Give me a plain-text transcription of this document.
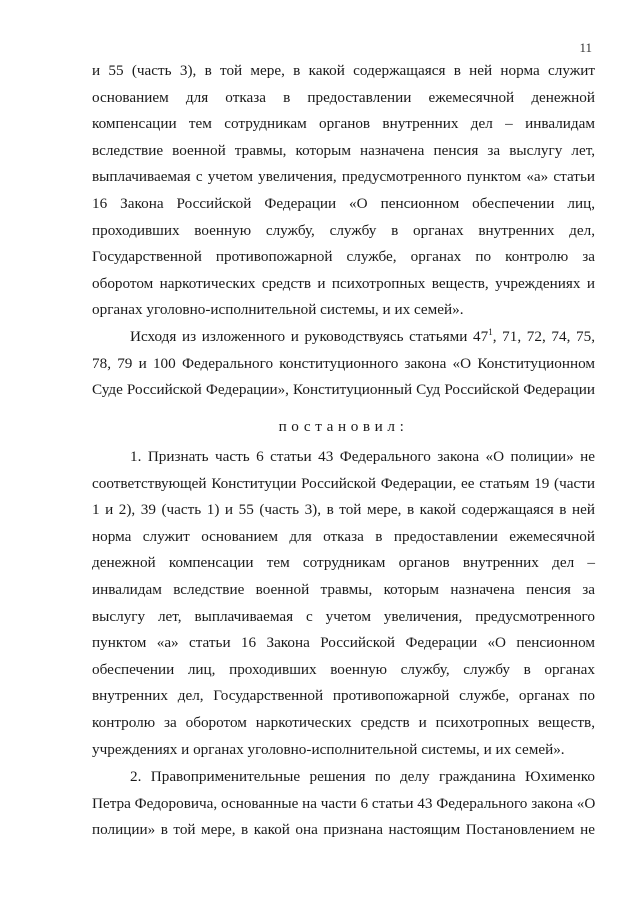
11
и 55 (часть 3), в той мере, в какой содержащаяся в ней норма служит
основанием для отказа в предоставлении ежемесячной денежной
компенсации тем сотрудникам органов внутренних дел – инвалидам
вследствие военной травмы, которым назначена пенсия за выслугу лет,
выплачиваемая с учетом увеличения, предусмотренного пунктом «а» статьи
16 Закона Российской Федерации «О пенсионном обеспечении лиц,
проходивших военную службу, службу в органах внутренних дел,
Государственной противопожарной службе, органах по контролю за
оборотом наркотических средств и психотропных веществ, учреждениях и
органах уголовно-исполнительной системы, и их семей».
Исходя из изложенного и руководствуясь статьями $47^1$, 71, 72, 74, 75,
78, 79 и 100 Федерального конституционного закона «О Конституционном
Суде Российской Федерации», Конституционный Суд Российской Федерации
постановил:
1. Признать часть 6 статьи 43 Федерального закона «О полиции» не
соответствующей Конституции Российской Федерации, ее статьям 19 (части
1 и 2), 39 (часть 1) и 55 (часть 3), в той мере, в какой содержащаяся в ней
норма служит основанием для отказа в предоставлении ежемесячной
денежной компенсации тем сотрудникам органов внутренних дел –
инвалидам вследствие военной травмы, которым назначена пенсия за
выслугу лет, выплачиваемая с учетом увеличения, предусмотренного
пунктом «а» статьи 16 Закона Российской Федерации «О пенсионном
обеспечении лиц, проходивших военную службу, службу в органах
внутренних дел, Государственной противопожарной службе, органах по
контролю за оборотом наркотических средств и психотропных веществ,
учреждениях и органах уголовно-исполнительной системы, и их семей».
2. Правоприменительные решения по делу гражданина Юхименко
Петра Федоровича, основанные на части 6 статьи 43 Федерального закона «О
полиции» в той мере, в какой она признана настоящим Постановлением не
